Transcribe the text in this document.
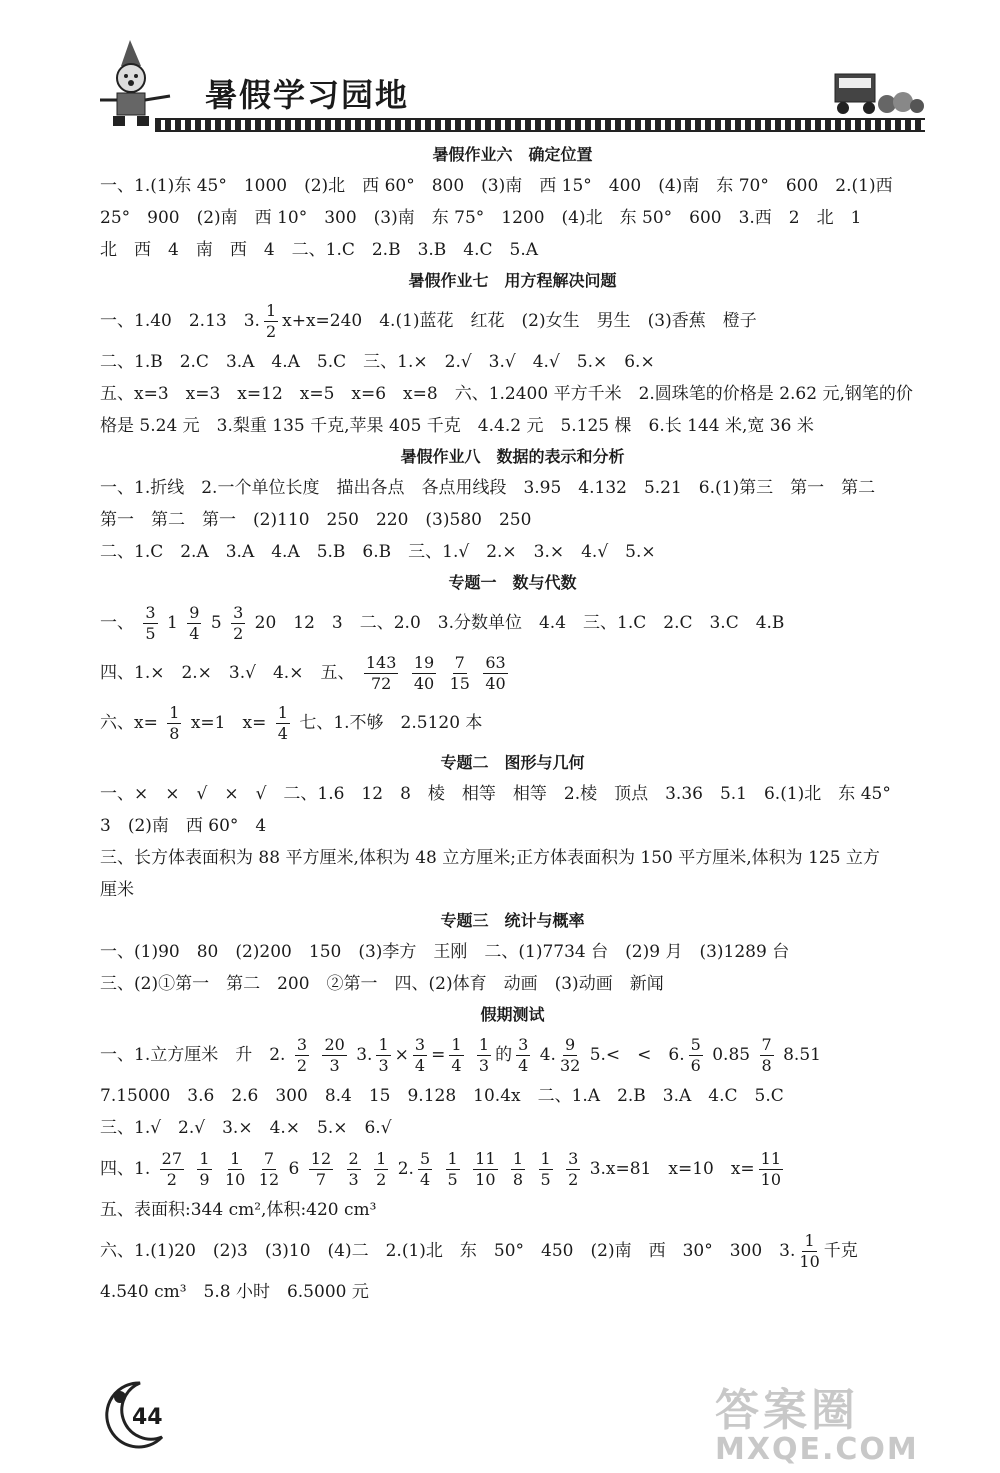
暑假学习园地
暑假作业六　确定位置
一、1.(1)东 45°　1000　(2)北　西 60°　800　(3)南　西 15°　400　(4)南　东 70°　600　2.(1)西
25°　900　(2)南　西 10°　300　(3)南　东 75°　1200　(4)北　东 50°　600　3.西　2　北　1
北　西　4　南　西　4　二、1.C　2.B　3.B　4.C　5.A
暑假作业七　用方程解决问题
一、1.40　2.13　3. $\frac{1}{2} x+x=240$　4.(1)蓝花　红花　(2)女生　男生　(3)香蕉　橙子
二、1.B　2.C　3.A　4.A　5.C　三、1.×　2.√　3.√　4.√　5.×　6.×
五、x=3　x=3　x=12　x=5　x=6　x=8　六、1.2400 平方千米　2.圆珠笔的价格是 2.62 元,钢笔的价
格是 5.24 元　3.梨重 135 千克,苹果 405 千克　4.4.2 元　5.125 棵　6.长 144 米,宽 36 米
暑假作业八　数据的表示和分析
一、1.折线　2.一个单位长度　描出各点　各点用线段　3.95　4.132　5.21　6.(1)第三　第一　第二
第一　第二　第一　(2)110　250　220　(3)580　250
二、1.C　2.A　3.A　4.A　5.B　6.B　三、1.√　2.×　3.×　4.√　5.×
专题一　数与代数
一、 $\frac{3}{5} 1 \frac{9}{4} 5 \frac{3}{2} 20$　12　3　二、2.0　3.分数单位　4.4　三、1.C　2.C　3.C　4.B
四、1.×　2.×　3.√　4.×　五、 $\frac{143}{72}$
$\frac{19}{40}$
$\frac{7}{15}$
$\frac{63}{40}$
六、$x= \frac{1}{8} x=1$　$x= \frac{1}{4}$ 七、1.不够　2.5120 本
专题二　图形与几何
一、×　×　√　×　√　二、1.6　12　8　棱　相等　相等　2.棱　顶点　3.36　5.1　6.(1)北　东 45°
3　(2)南　西 60°　4
三、长方体表面积为 88 平方厘米,体积为 48 立方厘米;正方体表面积为 150 平方厘米,体积为 125 立方
厘米
专题三　统计与概率
一、(1)90　80　(2)200　150　(3)李方　王刚　二、(1)7734 台　(2)9 月　(3)1289 台
三、(2)①第一　第二　200　②第一　四、(2)体育　动画　(3)动画　新闻
假期测试
一、1.立方厘米　升　2. $\frac{3}{2}$
$\frac{20}{3} 3$. $\frac{1}{3} \times \frac{3}{4} = \frac{1}{4}$
$\frac{1}{3}$ 的 $\frac{3}{4} 4$. $\frac{9}{32} 5.<$　<　6. $\frac{5}{6} 0.85 \frac{7}{8} 8.51$
7.15000　3.6　2.6　300　8.4　15　9.128　10.4x　二、1.A　2.B　3.A　4.C　5.C
三、1.√　2.√　3.×　4.×　5.×　6.√
四、1. $\frac{27}{2}$
$\frac{1}{9}$
$\frac{1}{10}$
$\frac{7}{12} 6 \frac{12}{7}$
$\frac{2}{3}$
$\frac{1}{2} 2$. $\frac{5}{4}$
$\frac{1}{5}$
$\frac{11}{10}$
$\frac{1}{8}$
$\frac{1}{5}$
$\frac{3}{2} 3.x=81$　x=10　$x= \frac{11}{10}$
五、表面积:344 cm²,体积:420 cm³
六、1.(1)20　(2)3　(3)10　(4)二　2.(1)北　东　50°　450　(2)南　西　30°　300　3. $\frac{1}{10}$ 千克
4.540 cm³　5.8 小时　6.5000 元
44	答案圈
MXQE.COM
